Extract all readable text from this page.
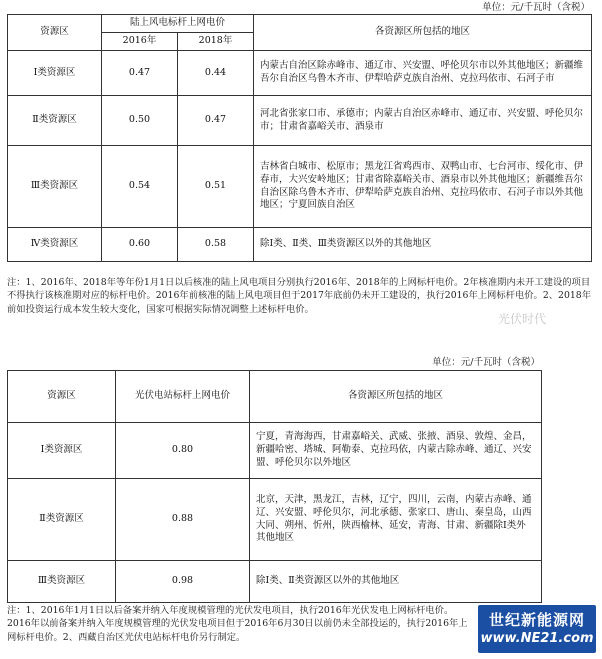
单位：元/千瓦时（含税）
资源区	陆上风电标杆上网电价		各资源区所包括的地区
	2016年	2018年	
Ⅰ类资源区	0.47	0.44	内蒙古自治区除赤峰市、通辽市、兴安盟、呼伦贝尔市以外其他地区；新疆维吾尔自治区乌鲁木齐市、伊犁哈萨克族自治州、克拉玛依市、石河子市
Ⅱ类资源区	0.50	0.47	河北省张家口市、承德市；内蒙古自治区赤峰市、通辽市、兴安盟、呼伦贝尔市；甘肃省嘉峪关市、酒泉市
Ⅲ类资源区	0.54	0.51	吉林省白城市、松原市；黑龙江省鸡西市、双鸭山市、七台河市、绥化市、伊春市，大兴安岭地区；甘肃省除嘉峪关市、酒泉市以外其他地区；新疆维吾尔自治区除乌鲁木齐市、伊犁哈萨克族自治州、克拉玛依市、石河子市以外其他地区；宁夏回族自治区
Ⅳ类资源区	0.60	0.58	除Ⅰ类、Ⅱ类、Ⅲ类资源区以外的其他地区
注：1、2016年、2018年等年份1月1日以后核准的陆上风电项目分别执行2016年、2018年的上网标杆电价。2年核准期内未开工建设的项目不得执行该核准期对应的标杆电价。2016年前核准的陆上风电项目但于2017年底前仍未开工建设的，执行2016年上网标杆电价。2、2018年前如投资运行成本发生较大变化，国家可根据实际情况调整上述标杆电价。
光伏时代
单位：元/千瓦时（含税）
资源区	光伏电站标杆上网电价	各资源区所包括的地区
Ⅰ类资源区	0.80	宁夏，青海海西，甘肃嘉峪关、武威、张掖、酒泉、敦煌、金昌，新疆哈密、塔城、阿勒泰、克拉玛依，内蒙古除赤峰、通辽、兴安盟、呼伦贝尔以外地区
Ⅱ类资源区	0.88	北京，天津，黑龙江，吉林，辽宁，四川，云南，内蒙古赤峰、通辽、兴安盟、呼伦贝尔，河北承德、张家口、唐山、秦皇岛，山西大同、朔州、忻州，陕西榆林、延安，青海、甘肃、新疆除Ⅰ类外其他地区
Ⅲ类资源区	0.98	除Ⅰ类、Ⅱ类资源区以外的其他地区
注：1、2016年1月1日以后备案并纳入年度规模管理的光伏发电项目，执行2016年光伏发电上网标杆电价。2016年以前备案并纳入年度规模管理的光伏发电项目但于2016年6月30日以前仍未全部投运的，执行2016年上网标杆电价。2、西藏自治区光伏电站标杆电价另行制定。
世纪新能源网
www.NE21.com
